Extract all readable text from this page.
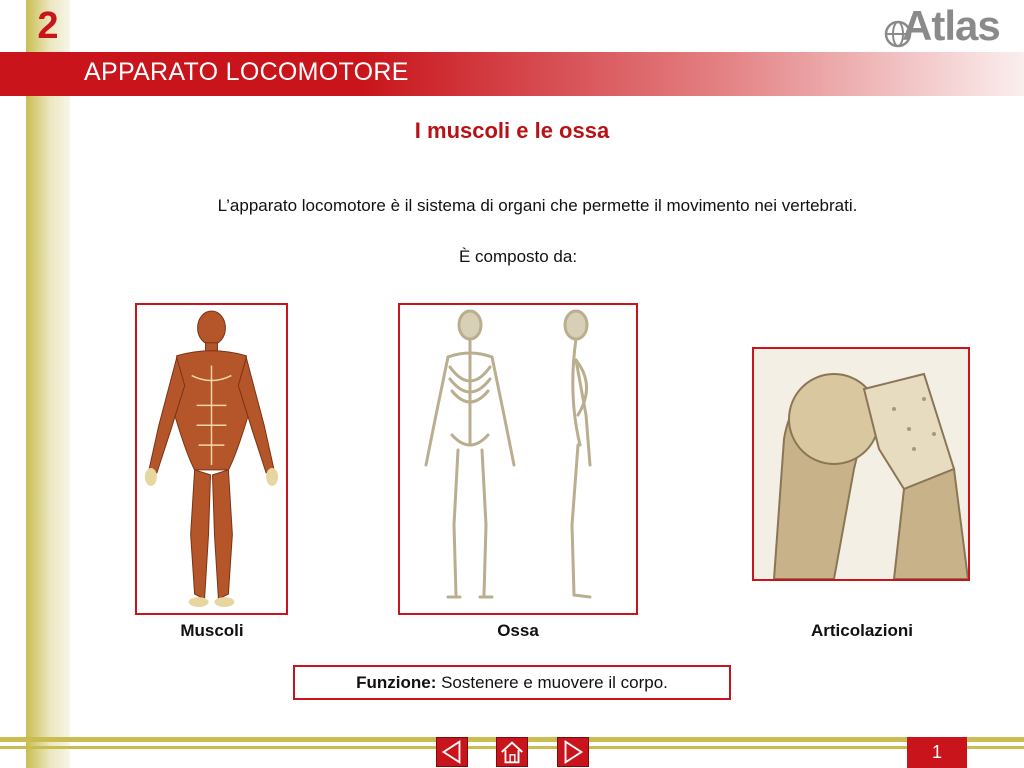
2
APPARATO LOCOMOTORE
Atlas
I muscoli e le ossa
L’apparato locomotore è il sistema di organi che permette il movimento nei vertebrati.
È composto da:
Muscoli	Ossa	Articolazioni
Funzione: Sostenere e muovere il corpo.
1
